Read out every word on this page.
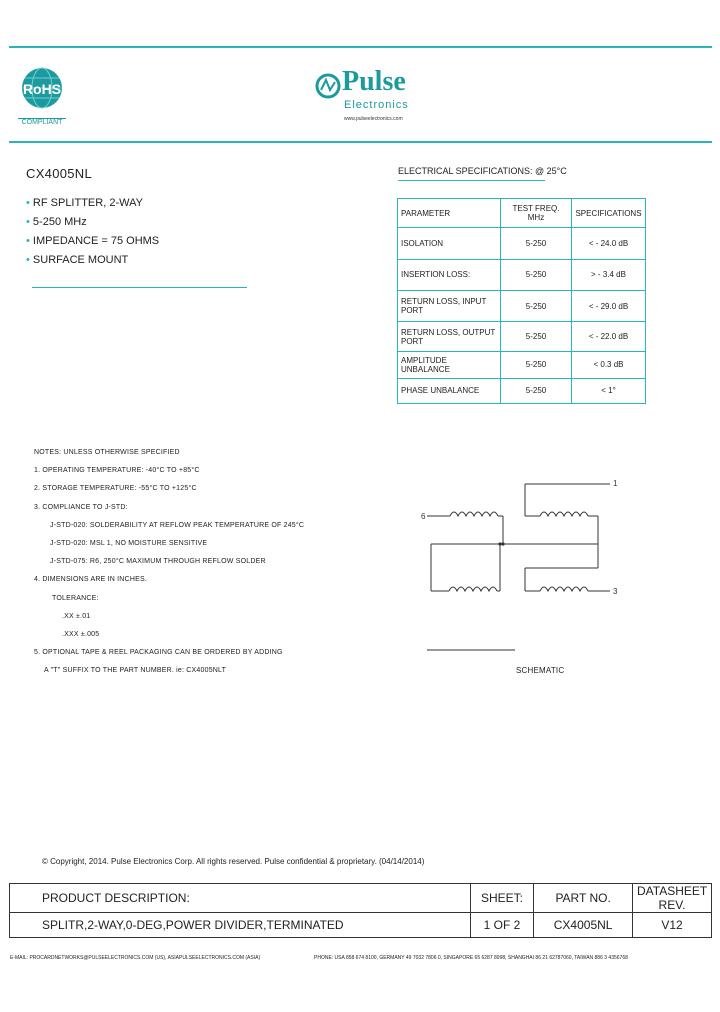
RoHS
COMPLIANT
Pulse
Electronics
www.pulseelectronics.com
CX4005NL
• RF SPLITTER, 2-WAY
• 5-250 MHz
• IMPEDANCE = 75 OHMS
• SURFACE MOUNT
ELECTRICAL SPECIFICATIONS: @ 25°C
PARAMETER	TEST FREQ. MHz	SPECIFICATIONS
ISOLATION	5-250	< - 24.0 dB
INSERTION LOSS:	5-250	> - 3.4 dB
RETURN LOSS, INPUT PORT	5-250	< - 29.0 dB
RETURN LOSS, OUTPUT PORT	5-250	< - 22.0 dB
AMPLITUDE UNBALANCE	5-250	< 0.3 dB
PHASE UNBALANCE	5-250	< 1°
NOTES: UNLESS OTHERWISE SPECIFIED
1. OPERATING TEMPERATURE: -40°C TO +85°C
2. STORAGE TEMPERATURE: -55°C TO +125°C
3. COMPLIANCE TO J-STD:
J-STD-020: SOLDERABILITY AT REFLOW PEAK TEMPERATURE OF 245°C
J-STD-020: MSL 1, NO MOISTURE SENSITIVE
J-STD-075: R6, 250°C MAXIMUM THROUGH REFLOW SOLDER
4. DIMENSIONS ARE IN INCHES.
TOLERANCE:
.XX ±.01
.XXX ±.005
5. OPTIONAL TAPE & REEL PACKAGING CAN BE ORDERED BY ADDING
A "T" SUFFIX TO THE PART NUMBER. ie: CX4005NLT
6
1
3
SCHEMATIC
© Copyright, 2014. Pulse Electronics Corp. All rights reserved. Pulse confidential & proprietary. (04/14/2014)
PRODUCT DESCRIPTION:	SHEET:	PART NO.	DATASHEET REV.
SPLITR,2-WAY,0-DEG,POWER DIVIDER,TERMINATED	1 OF 2	CX4005NL	V12
E-MAIL: PROCARDNETWORKS@PULSEELECTRONICS.COM (US), ASIAPULSEELECTRONICS.COM (ASIA)	PHONE: USA 858 674 8100, GERMANY 49 7032 7806 0, SINGAPORE 65 6287 8998, SHANGHAI 86 21 62787060, TAIWAN 886 3 4356768
